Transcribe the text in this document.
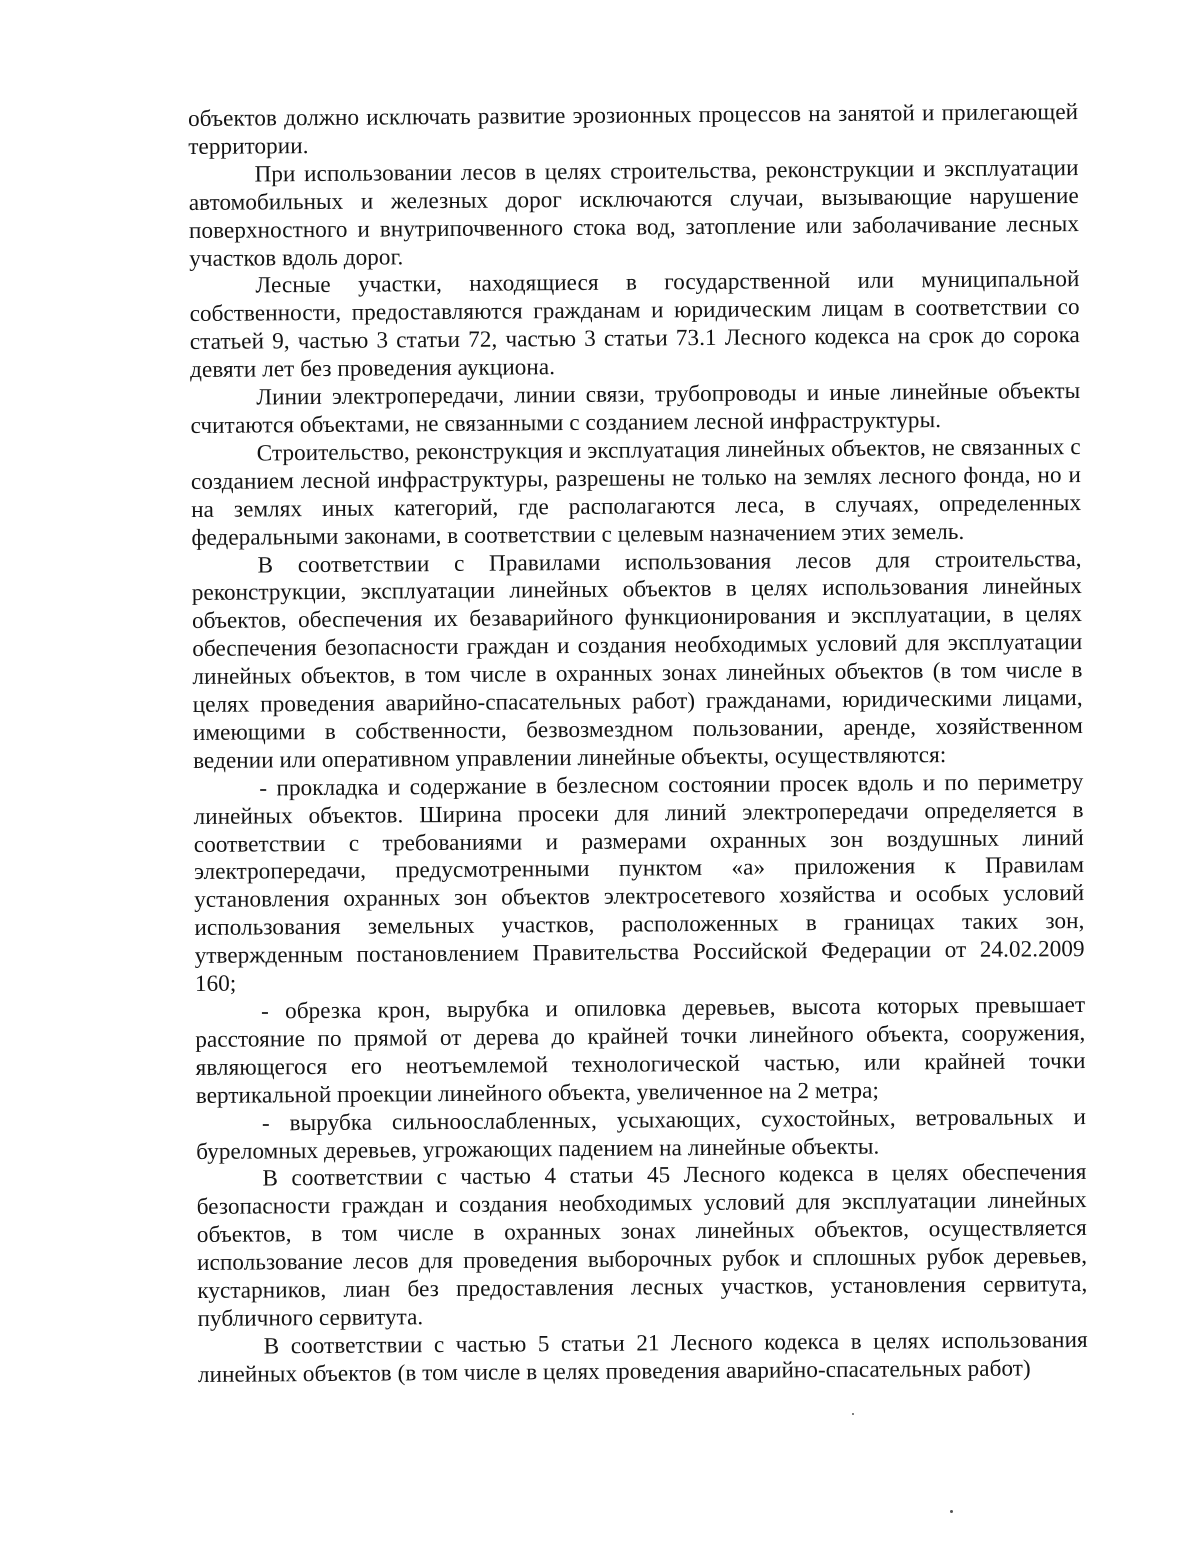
объектов должно исключать развитие эрозионных процессов на занятой и прилегающей территории.

При использовании лесов в целях строительства, реконструкции и эксплуатации автомобильных и железных дорог исключаются случаи, вызывающие нарушение поверхностного и внутрипочвенного стока вод, затопление или заболачивание лесных участков вдоль дорог.

Лесные участки, находящиеся в государственной или муниципальной собственности, предоставляются гражданам и юридическим лицам в соответствии со статьей 9, частью 3 статьи 72, частью 3 статьи 73.1 Лесного кодекса на срок до сорока девяти лет без проведения аукциона.

Линии электропередачи, линии связи, трубопроводы и иные линейные объекты считаются объектами, не связанными с созданием лесной инфраструктуры.

Строительство, реконструкция и эксплуатация линейных объектов, не связанных с созданием лесной инфраструктуры, разрешены не только на землях лесного фонда, но и на землях иных категорий, где располагаются леса, в случаях, определенных федеральными законами, в соответствии с целевым назначением этих земель.

В соответствии с Правилами использования лесов для строительства, реконструкции, эксплуатации линейных объектов в целях использования линейных объектов, обеспечения их безаварийного функционирования и эксплуатации, в целях обеспечения безопасности граждан и создания необходимых условий для эксплуатации линейных объектов, в том числе в охранных зонах линейных объектов (в том числе в целях проведения аварийно-спасательных работ) гражданами, юридическими лицами, имеющими в собственности, безвозмездном пользовании, аренде, хозяйственном ведении или оперативном управлении линейные объекты, осуществляются:

- прокладка и содержание в безлесном состоянии просек вдоль и по периметру линейных объектов. Ширина просеки для линий электропередачи определяется в соответствии с требованиями и размерами охранных зон воздушных линий электропередачи, предусмотренными пунктом «а» приложения к Правилам установления охранных зон объектов электросетевого хозяйства и особых условий использования земельных участков, расположенных в границах таких зон, утвержденным постановлением Правительства Российской Федерации от 24.02.2009 160;

- обрезка крон, вырубка и опиловка деревьев, высота которых превышает расстояние по прямой от дерева до крайней точки линейного объекта, сооружения, являющегося его неотъемлемой технологической частью, или крайней точки вертикальной проекции линейного объекта, увеличенное на 2 метра;

- вырубка сильноослабленных, усыхающих, сухостойных, ветровальных и буреломных деревьев, угрожающих падением на линейные объекты.

В соответствии с частью 4 статьи 45 Лесного кодекса в целях обеспечения безопасности граждан и создания необходимых условий для эксплуатации линейных объектов, в том числе в охранных зонах линейных объектов, осуществляется использование лесов для проведения выборочных рубок и сплошных рубок деревьев, кустарников, лиан без предоставления лесных участков, установления сервитута, публичного сервитута.

В соответствии с частью 5 статьи 21 Лесного кодекса в целях использования линейных объектов (в том числе в целях проведения аварийно-спасательных работ)
